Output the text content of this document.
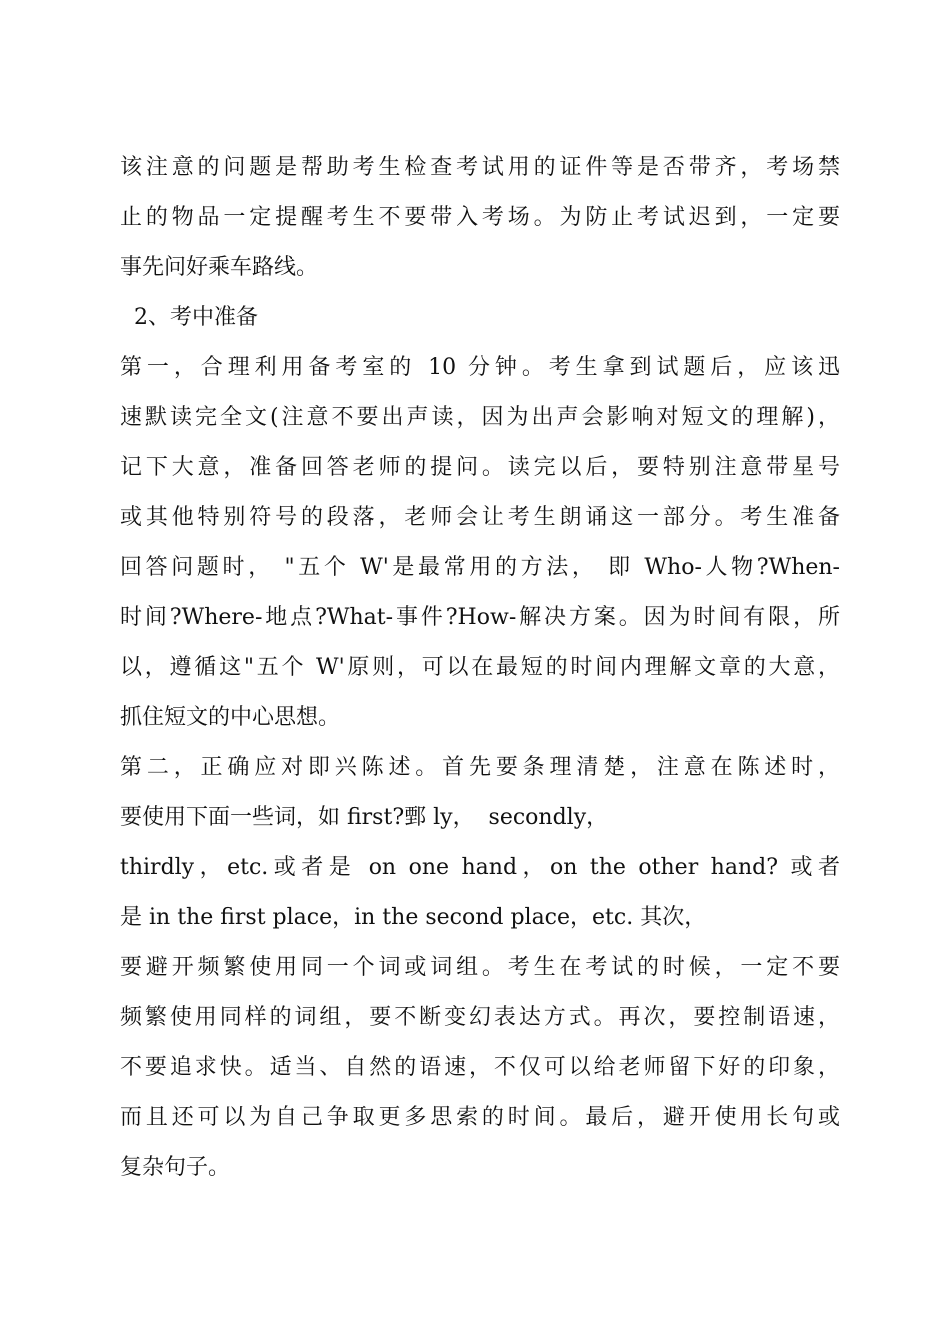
该注意的问题是帮助考生检查考试用的证件等是否带齐，考场禁
止的物品一定提醒考生不要带入考场。为防止考试迟到，一定要
事先问好乘车路线。
2、考中准备
第一，合理利用备考室的 10 分钟。考生拿到试题后，应该迅
速默读完全文(注意不要出声读，因为出声会影响对短文的理解)，
记下大意，准备回答老师的提问。读完以后，要特别注意带星号
或其他特别符号的段落，老师会让考生朗诵这一部分。考生准备
回答问题时， "五个 W'是最常用的方法， 即 Who-人物?When-
时间?Where-地点?What-事件?How-解决方案。因为时间有限，所
以，遵循这"五个 W'原则，可以在最短的时间内理解文章的大意，
抓住短文的中心思想。
第二，正确应对即兴陈述。首先要条理清楚，注意在陈述时，
要使用下面一些词，如 first?鄄 ly，  secondly，
thirdly，etc.或者是 on one hand，on the other hand? 或者
是 in the first place，in the second place，etc. 其次，
要避开频繁使用同一个词或词组。考生在考试的时候，一定不要
频繁使用同样的词组，要不断变幻表达方式。再次，要控制语速，
不要追求快。适当、自然的语速，不仅可以给老师留下好的印象，
而且还可以为自己争取更多思索的时间。最后，避开使用长句或
复杂句子。
